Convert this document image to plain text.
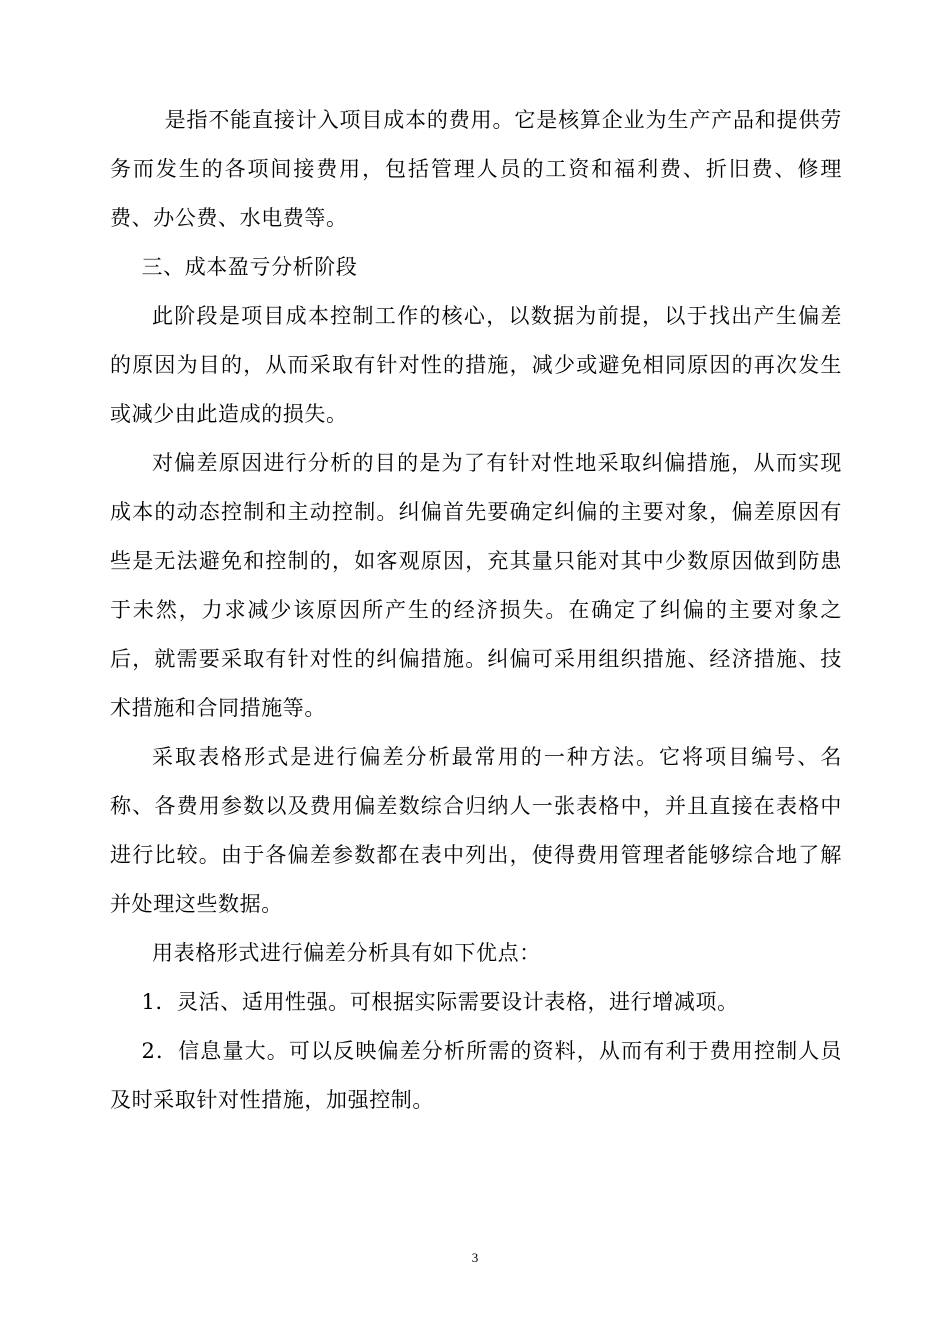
是指不能直接计入项目成本的费用。它是核算企业为生产产品和提供劳务而发生的各项间接费用，包括管理人员的工资和福利费、折旧费、修理费、办公费、水电费等。

三、成本盈亏分析阶段

此阶段是项目成本控制工作的核心，以数据为前提，以于找出产生偏差的原因为目的，从而采取有针对性的措施，减少或避免相同原因的再次发生或减少由此造成的损失。

对偏差原因进行分析的目的是为了有针对性地采取纠偏措施，从而实现成本的动态控制和主动控制。纠偏首先要确定纠偏的主要对象，偏差原因有些是无法避免和控制的，如客观原因，充其量只能对其中少数原因做到防患于未然，力求减少该原因所产生的经济损失。在确定了纠偏的主要对象之后，就需要采取有针对性的纠偏措施。纠偏可采用组织措施、经济措施、技术措施和合同措施等。

采取表格形式是进行偏差分析最常用的一种方法。它将项目编号、名称、各费用参数以及费用偏差数综合归纳人一张表格中，并且直接在表格中进行比较。由于各偏差参数都在表中列出，使得费用管理者能够综合地了解并处理这些数据。

用表格形式进行偏差分析具有如下优点：

1．灵活、适用性强。可根据实际需要设计表格，进行增减项。

2．信息量大。可以反映偏差分析所需的资料，从而有利于费用控制人员及时采取针对性措施，加强控制。

3
